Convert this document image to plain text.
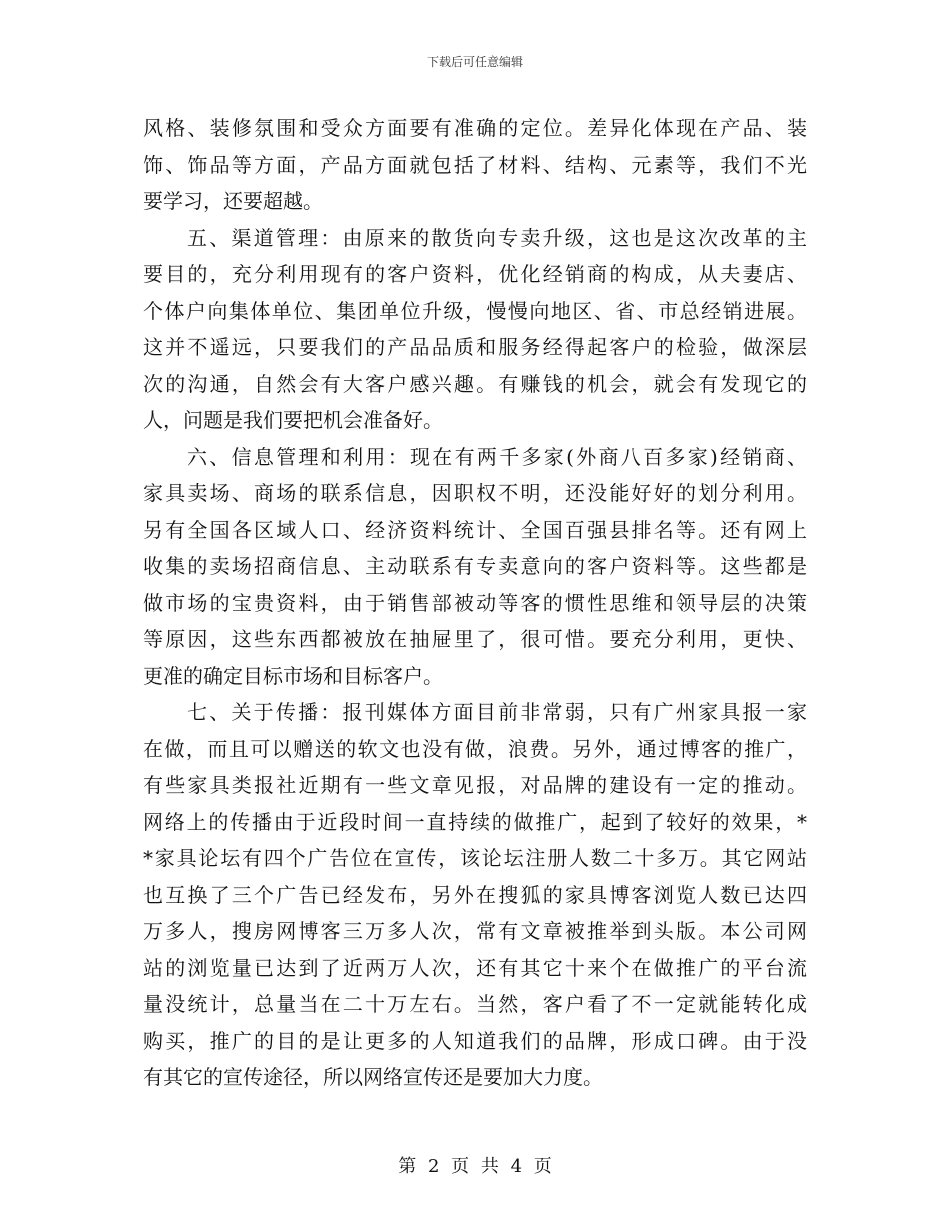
下载后可任意编辑
风格、装修氛围和受众方面要有准确的定位。差异化体现在产品、装
饰、饰品等方面，产品方面就包括了材料、结构、元素等，我们不光
要学习，还要超越。
五、渠道管理：由原来的散货向专卖升级，这也是这次改革的主
要目的，充分利用现有的客户资料，优化经销商的构成，从夫妻店、
个体户向集体单位、集团单位升级，慢慢向地区、省、市总经销进展。
这并不遥远，只要我们的产品品质和服务经得起客户的检验，做深层
次的沟通，自然会有大客户感兴趣。有赚钱的机会，就会有发现它的
人，问题是我们要把机会准备好。
六、信息管理和利用：现在有两千多家(外商八百多家)经销商、
家具卖场、商场的联系信息，因职权不明，还没能好好的划分利用。
另有全国各区域人口、经济资料统计、全国百强县排名等。还有网上
收集的卖场招商信息、主动联系有专卖意向的客户资料等。这些都是
做市场的宝贵资料，由于销售部被动等客的惯性思维和领导层的决策
等原因，这些东西都被放在抽屉里了，很可惜。要充分利用，更快、
更准的确定目标市场和目标客户。
七、关于传播：报刊媒体方面目前非常弱，只有广州家具报一家
在做，而且可以赠送的软文也没有做，浪费。另外，通过博客的推广，
有些家具类报社近期有一些文章见报，对品牌的建设有一定的推动。
网络上的传播由于近段时间一直持续的做推广，起到了较好的效果，*
*家具论坛有四个广告位在宣传，该论坛注册人数二十多万。其它网站
也互换了三个广告已经发布，另外在搜狐的家具博客浏览人数已达四
万多人，搜房网博客三万多人次，常有文章被推举到头版。本公司网
站的浏览量已达到了近两万人次，还有其它十来个在做推广的平台流
量没统计，总量当在二十万左右。当然，客户看了不一定就能转化成
购买，推广的目的是让更多的人知道我们的品牌，形成口碑。由于没
有其它的宣传途径，所以网络宣传还是要加大力度。
第 2 页 共 4 页
